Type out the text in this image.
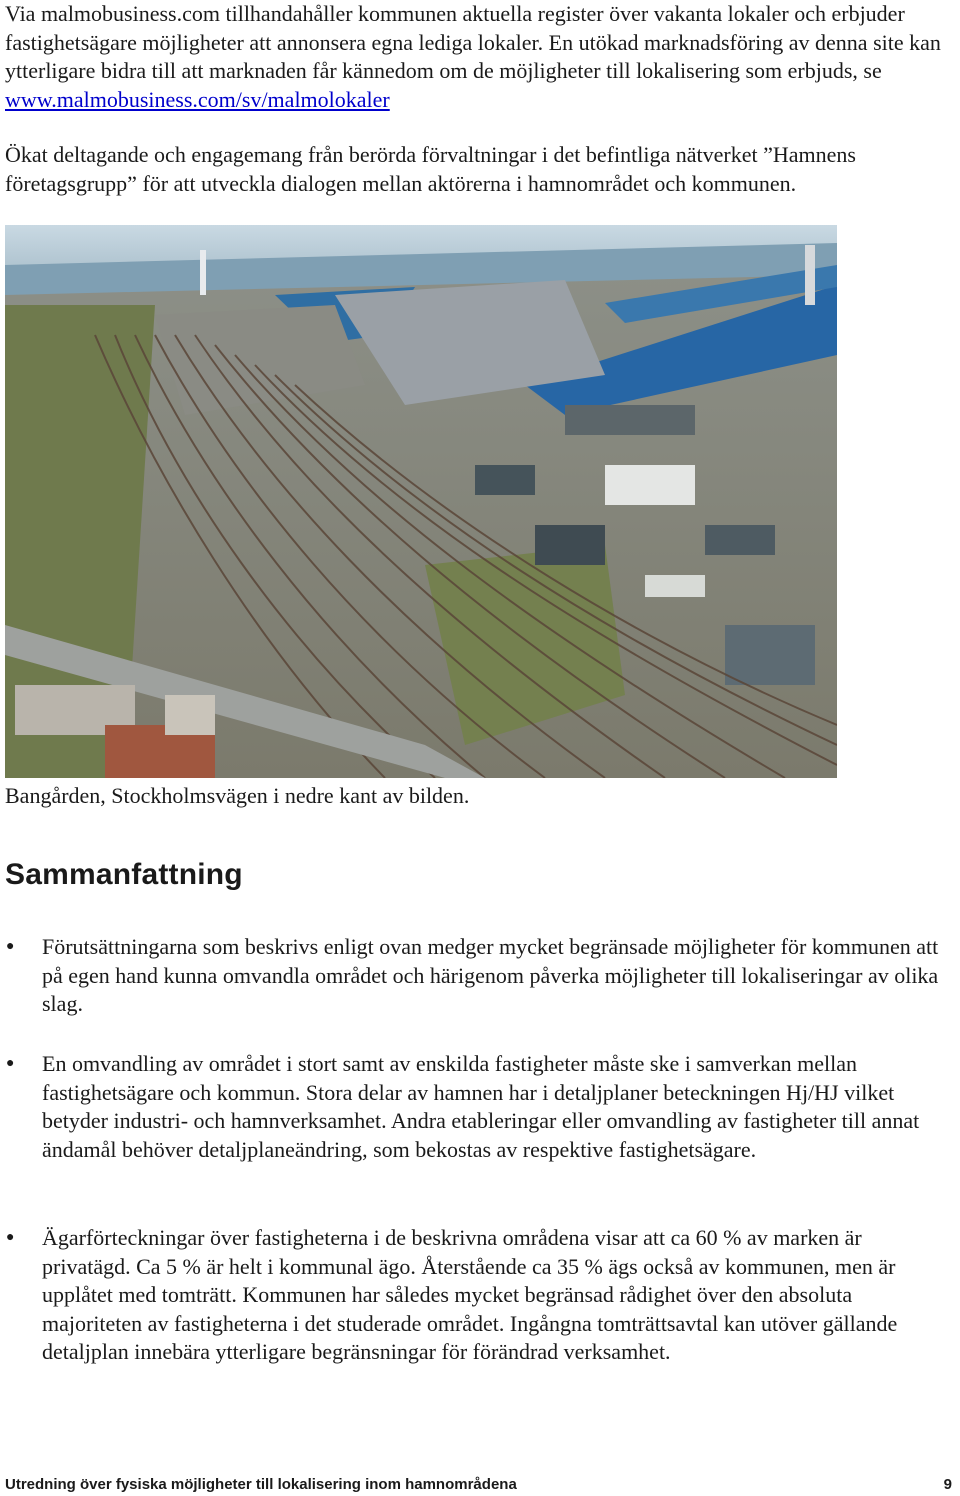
Via malmobusiness.com tillhandahåller kommunen aktuella register över vakanta lokaler och erbjuder fastighetsägare möjligheter att annonsera egna lediga lokaler. En utökad marknadsföring av denna site kan ytterligare bidra till att marknaden får kännedom om de möjligheter till lokalisering som erbjuds, se www.malmobusiness.com/sv/malmolokaler

Ökat deltagande och engagemang från berörda förvaltningar i det befintliga nätverket ”Hamnens företagsgrupp” för att utveckla dialogen mellan aktörerna i hamnområdet och kommunen.

Bangården, Stockholmsvägen i nedre kant av bilden.

Sammanfattning
● Förutsättningarna som beskrivs enligt ovan medger mycket begränsade möjligheter för kommunen att på egen hand kunna omvandla området och härigenom påverka möjligheter till lokaliseringar av olika slag.

● En omvandling av området i stort samt av enskilda fastigheter måste ske i samverkan mellan fastighetsägare och kommun. Stora delar av hamnen har i detaljplaner beteckningen Hj/HJ vilket betyder industri- och hamnverksamhet. Andra etableringar eller omvandling av fastigheter till annat ändamål behöver detaljplaneändring, som bekostas av respektive fastighetsägare.

● Ägarförteckningar över fastigheterna i de beskrivna områdena visar att ca 60 % av marken är privatägd. Ca 5 % är helt i kommunal ägo. Återstående ca 35 % ägs också av kommunen, men är upplåtet med tomträtt. Kommunen har således mycket begränsad rådighet över den absoluta majoriteten av fastigheterna i det studerade området. Ingångna tomträttsavtal kan utöver gällande detaljplan innebära ytterligare begränsningar för förändrad verksamhet.

Utredning över fysiska möjligheter till lokalisering inom hamnområdena	9
